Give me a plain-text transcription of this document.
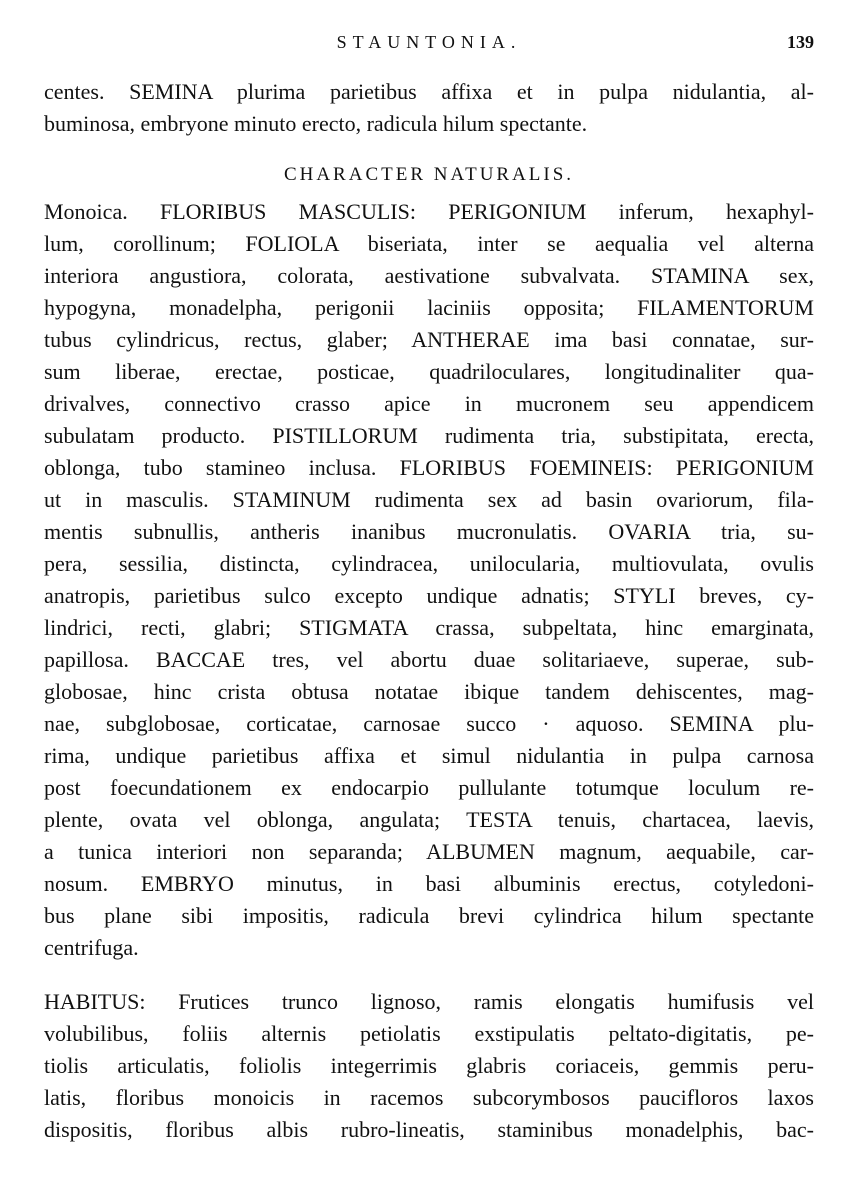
STAUNTONIA.	139
centes. SEMINA plurima parietibus affixa et in pulpa nidulantia, al-
buminosa, embryone minuto erecto, radicula hilum spectante.
CHARACTER NATURALIS.
Monoica. FLORIBUS MASCULIS: PERIGONIUM inferum, hexaphyl-
lum, corollinum; FOLIOLA biseriata, inter se aequalia vel alterna
interiora angustiora, colorata, aestivatione subvalvata. STAMINA sex,
hypogyna, monadelpha, perigonii laciniis opposita; FILAMENTORUM
tubus cylindricus, rectus, glaber; ANTHERAE ima basi connatae, sur-
sum liberae, erectae, posticae, quadriloculares, longitudinaliter qua-
drivalves, connectivo crasso apice in mucronem seu appendicem
subulatam producto. PISTILLORUM rudimenta tria, substipitata, erecta,
oblonga, tubo stamineo inclusa. FLORIBUS FOEMINEIS: PERIGONIUM
ut in masculis. STAMINUM rudimenta sex ad basin ovariorum, fila-
mentis subnullis, antheris inanibus mucronulatis. OVARIA tria, su-
pera, sessilia, distincta, cylindracea, unilocularia, multiovulata, ovulis
anatropis, parietibus sulco excepto undique adnatis; STYLI breves, cy-
lindrici, recti, glabri; STIGMATA crassa, subpeltata, hinc emarginata,
papillosa. BACCAE tres, vel abortu duae solitariaeve, superae, sub-
globosae, hinc crista obtusa notatae ibique tandem dehiscentes, mag-
nae, subglobosae, corticatae, carnosae succo · aquoso. SEMINA plu-
rima, undique parietibus affixa et simul nidulantia in pulpa carnosa
post foecundationem ex endocarpio pullulante totumque loculum re-
plente, ovata vel oblonga, angulata; TESTA tenuis, chartacea, laevis,
a tunica interiori non separanda; ALBUMEN magnum, aequabile, car-
nosum. EMBRYO minutus, in basi albuminis erectus, cotyledoni-
bus plane sibi impositis, radicula brevi cylindrica hilum spectante
centrifuga.
HABITUS: Frutices trunco lignoso, ramis elongatis humifusis vel
volubilibus, foliis alternis petiolatis exstipulatis peltato-digitatis, pe-
tiolis articulatis, foliolis integerrimis glabris coriaceis, gemmis peru-
latis, floribus monoicis in racemos subcorymbosos paucifloros laxos
dispositis, floribus albis rubro-lineatis, staminibus monadelphis, bac-
